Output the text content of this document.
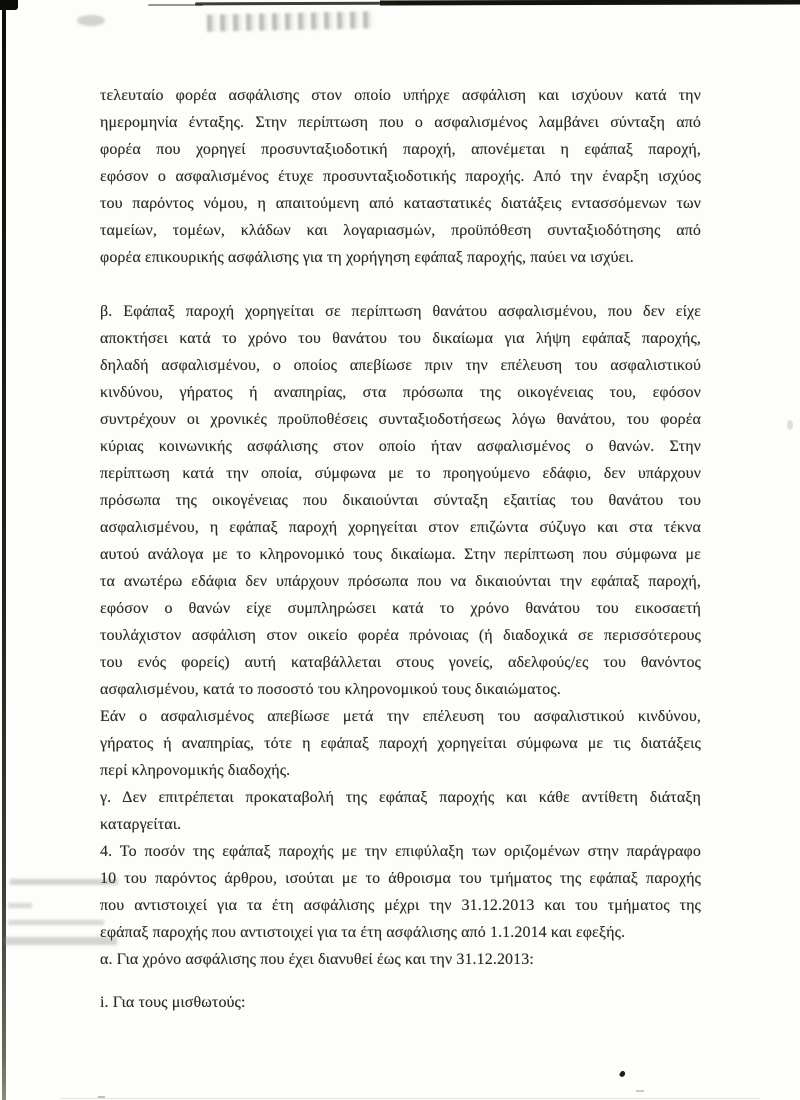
τελευταίο φορέα ασφάλισης στον οποίο υπήρχε ασφάλιση και ισχύουν κατά την
ημερομηνία ένταξης. Στην περίπτωση που ο ασφαλισμένος λαμβάνει σύνταξη από
φορέα που χορηγεί προσυνταξιοδοτική παροχή, απονέμεται η εφάπαξ παροχή,
εφόσον ο ασφαλισμένος έτυχε προσυνταξιοδοτικής παροχής. Από την έναρξη ισχύος
του παρόντος νόμου, η απαιτούμενη από καταστατικές διατάξεις εντασσόμενων των
ταμείων, τομέων, κλάδων και λογαριασμών, προϋπόθεση συνταξιοδότησης από
φορέα επικουρικής ασφάλισης για τη χορήγηση εφάπαξ παροχής, παύει να ισχύει.
β. Εφάπαξ παροχή χορηγείται σε περίπτωση θανάτου ασφαλισμένου, που δεν είχε
αποκτήσει κατά το χρόνο του θανάτου του δικαίωμα για λήψη εφάπαξ παροχής,
δηλαδή ασφαλισμένου, ο οποίος απεβίωσε πριν την επέλευση του ασφαλιστικού
κινδύνου, γήρατος ή αναπηρίας, στα πρόσωπα της οικογένειας του, εφόσον
συντρέχουν οι χρονικές προϋποθέσεις συνταξιοδοτήσεως λόγω θανάτου, του φορέα
κύριας κοινωνικής ασφάλισης στον οποίο ήταν ασφαλισμένος ο θανών. Στην
περίπτωση κατά την οποία, σύμφωνα με το προηγούμενο εδάφιο, δεν υπάρχουν
πρόσωπα της οικογένειας που δικαιούνται σύνταξη εξαιτίας του θανάτου του
ασφαλισμένου, η εφάπαξ παροχή χορηγείται στον επιζώντα σύζυγο και στα τέκνα
αυτού ανάλογα με το κληρονομικό τους δικαίωμα. Στην περίπτωση που σύμφωνα με
τα ανωτέρω εδάφια δεν υπάρχουν πρόσωπα που να δικαιούνται την εφάπαξ παροχή,
εφόσον ο θανών είχε συμπληρώσει κατά το χρόνο θανάτου του εικοσαετή
τουλάχιστον ασφάλιση στον οικείο φορέα πρόνοιας (ή διαδοχικά σε περισσότερους
του ενός φορείς) αυτή καταβάλλεται στους γονείς, αδελφούς/ες του θανόντος
ασφαλισμένου, κατά το ποσοστό του κληρονομικού τους δικαιώματος.
Εάν ο ασφαλισμένος απεβίωσε μετά την επέλευση του ασφαλιστικού κινδύνου,
γήρατος ή αναπηρίας, τότε η εφάπαξ παροχή χορηγείται σύμφωνα με τις διατάξεις
περί κληρονομικής διαδοχής.
γ. Δεν επιτρέπεται προκαταβολή της εφάπαξ παροχής και κάθε αντίθετη διάταξη
καταργείται.
4. Το ποσόν της εφάπαξ παροχής με την επιφύλαξη των οριζομένων στην παράγραφο
10 του παρόντος άρθρου, ισούται με το άθροισμα του τμήματος της εφάπαξ παροχής
που αντιστοιχεί για τα έτη ασφάλισης μέχρι την 31.12.2013 και του τμήματος της
εφάπαξ παροχής που αντιστοιχεί για τα έτη ασφάλισης από 1.1.2014 και εφεξής.
α. Για χρόνο ασφάλισης που έχει διανυθεί έως και την 31.12.2013:
i. Για τους μισθωτούς:
